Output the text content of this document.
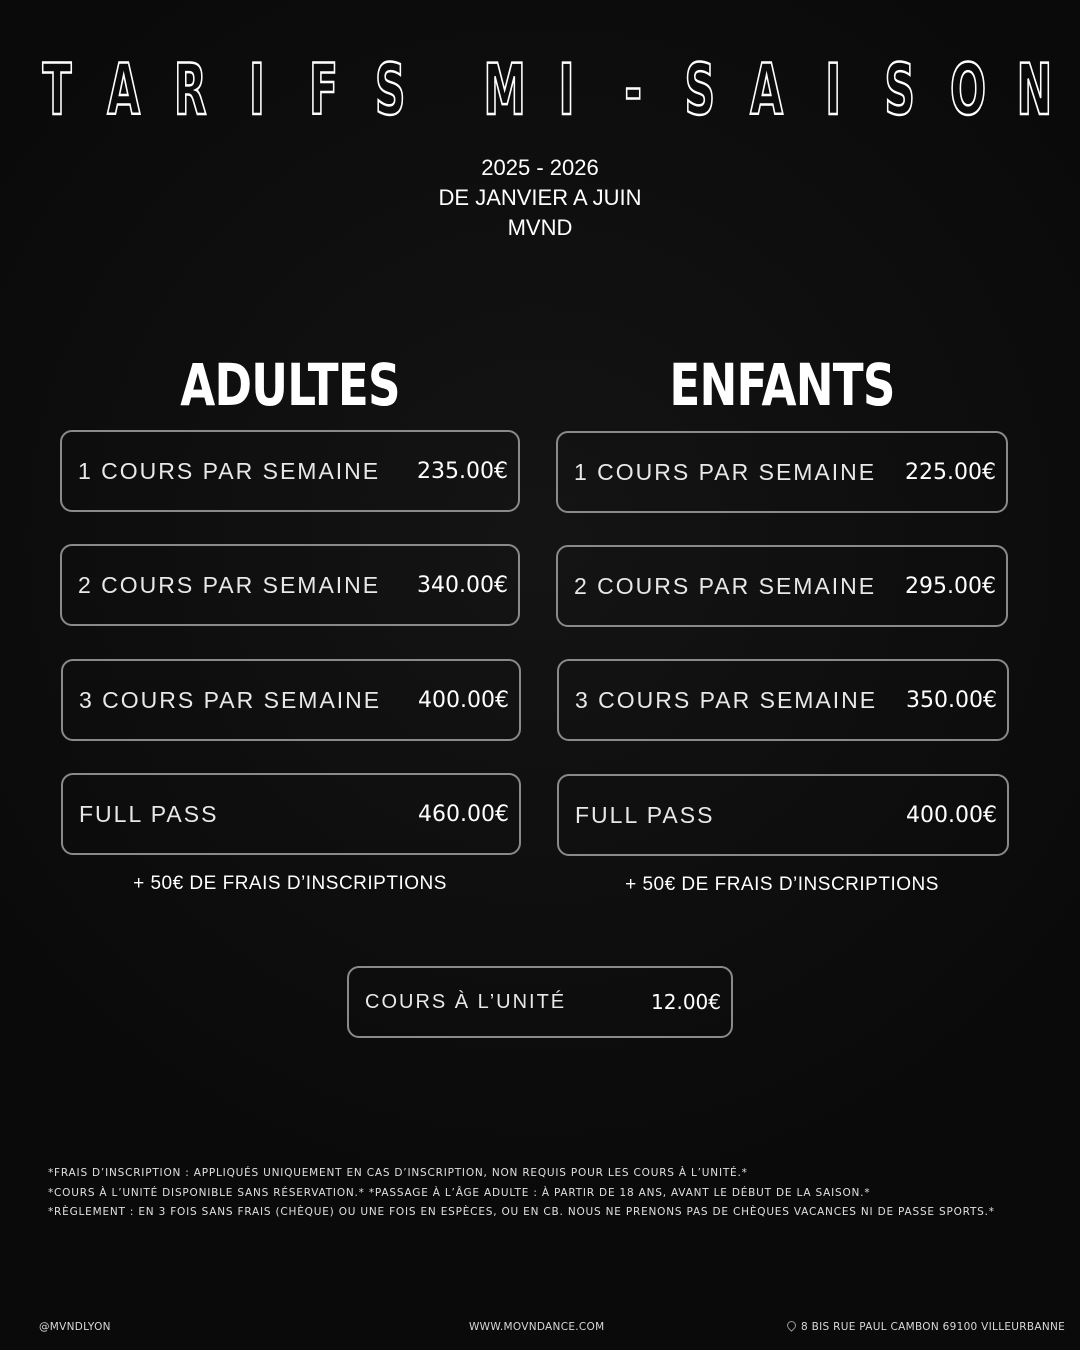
T A R I F S M I - S A I S O N
2025 - 2026
DE JANVIER A JUIN
MVND
ADULTES
1 COURS PAR SEMAINE 235.00€
2 COURS PAR SEMAINE 340.00€
3 COURS PAR SEMAINE 400.00€
FULL PASS	460.00€
+ 50€ DE FRAIS D’INSCRIPTIONS
ENFANTS
1 COURS PAR SEMAINE 225.00€
2 COURS PAR SEMAINE 295.00€
3 COURS PAR SEMAINE 350.00€
FULL PASS	400.00€
+ 50€ DE FRAIS D’INSCRIPTIONS
COURS À L’UNITÉ	12.00€
*FRAIS D’INSCRIPTION : APPLIQUÉS UNIQUEMENT EN CAS D’INSCRIPTION, NON REQUIS POUR LES COURS À L’UNITÉ.*
*COURS À L’UNITÉ DISPONIBLE SANS RÉSERVATION.* *PASSAGE À L’ÂGE ADULTE : À PARTIR DE 18 ANS, AVANT LE DÉBUT DE LA SAISON.*
*RÈGLEMENT : EN 3 FOIS SANS FRAIS (CHÈQUE) OU UNE FOIS EN ESPÈCES, OU EN CB. NOUS NE PRENONS PAS DE CHÈQUES VACANCES NI DE PASSE SPORTS.*
@MVNDLYON	WWW.MOVNDANCE.COM	8 BIS RUE PAUL CAMBON 69100 VILLEURBANNE
